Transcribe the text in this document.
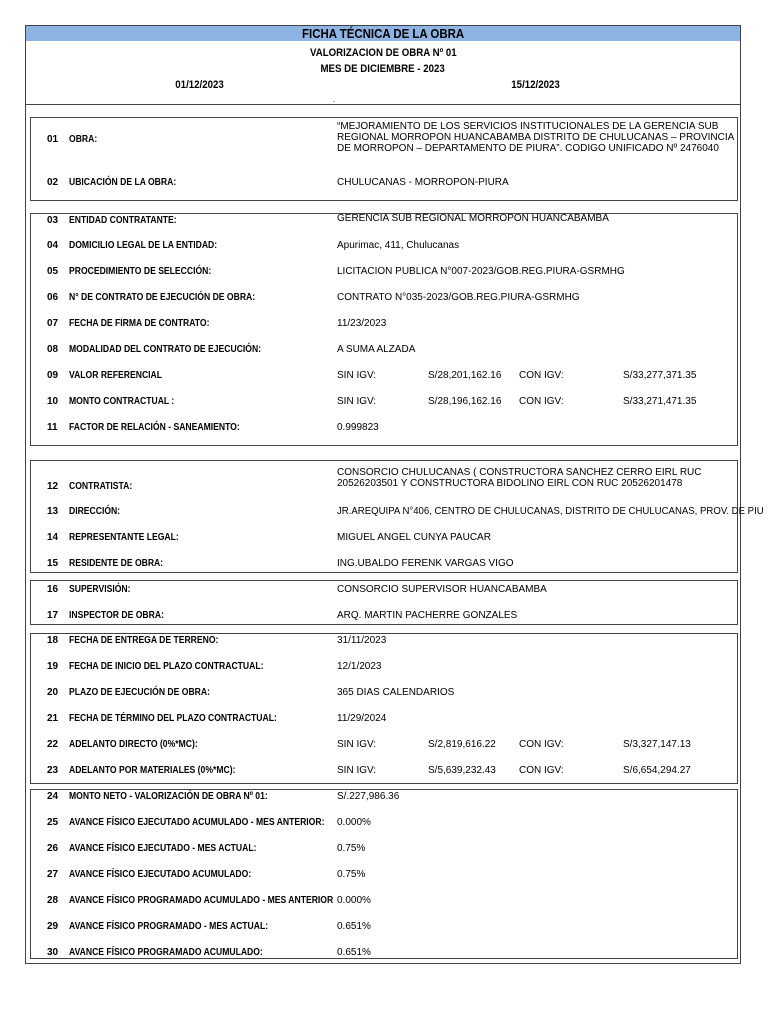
FICHA TÉCNICA DE LA OBRA
VALORIZACION DE OBRA Nº 01
MES DE DICIEMBRE - 2023
01/12/2023	15/12/2023
.
01 OBRA:
“MEJORAMIENTO DE LOS SERVICIOS INSTITUCIONALES DE LA GERENCIA SUB REGIONAL MORROPON HUANCABAMBA DISTRITO DE CHULUCANAS – PROVINCIA DE MORROPON – DEPARTAMENTO DE PIURA”. CODIGO UNIFICADO Nº 2476040
02 UBICACIÓN DE LA OBRA:	CHULUCANAS - MORROPON-PIURA
03 ENTIDAD CONTRATANTE:	GERENCIA SUB REGIONAL MORROPON HUANCABAMBA
04 DOMICILIO LEGAL DE LA ENTIDAD:	Apurimac, 411, Chulucanas
05 PROCEDIMIENTO DE SELECCIÓN:	LICITACION PUBLICA N°007-2023/GOB.REG.PIURA-GSRMHG
06 N° DE CONTRATO DE EJECUCIÓN DE OBRA:	CONTRATO N°035-2023/GOB.REG.PIURA-GSRMHG
07 FECHA DE FIRMA DE CONTRATO:	11/23/2023
08 MODALIDAD DEL CONTRATO DE EJECUCIÓN:	A SUMA ALZADA
09 VALOR REFERENCIAL	SIN IGV:	S/28,201,162.16 CON IGV:	S/33,277,371.35
10 MONTO CONTRACTUAL :	SIN IGV:	S/28,196,162.16 CON IGV:	S/33,271,471.35
11 FACTOR DE RELACIÓN - SANEAMIENTO:	0.999823
12 CONTRATISTA:
CONSORCIO CHULUCANAS ( CONSTRUCTORA SANCHEZ CERRO EIRL RUC 20526203501 Y CONSTRUCTORA BIDOLINO EIRL CON RUC 20526201478
13 DIRECCIÓN:	JR.AREQUIPA N°406, CENTRO DE CHULUCANAS, DISTRITO DE CHULUCANAS, PROV. DE PIU
14 REPRESENTANTE LEGAL:	MIGUEL ANGEL CUNYA PAUCAR
15 RESIDENTE DE OBRA:	ING.UBALDO FERENK VARGAS VIGO
16 SUPERVISIÓN:	CONSORCIO SUPERVISOR HUANCABAMBA
17 INSPECTOR DE OBRA:	ARQ. MARTIN PACHERRE GONZALES
18 FECHA DE ENTREGA DE TERRENO:	31/11/2023
19 FECHA DE INICIO DEL PLAZO CONTRACTUAL:	12/1/2023
20 PLAZO DE EJECUCIÓN DE OBRA:	365 DIAS CALENDARIOS
21 FECHA DE TÉRMINO DEL PLAZO CONTRACTUAL:	11/29/2024
22 ADELANTO DIRECTO (0%*MC):	SIN IGV:	S/2,819,616.22 CON IGV:	S/3,327,147.13
23 ADELANTO POR MATERIALES (0%*MC):	SIN IGV:	S/5,639,232.43 CON IGV:	S/6,654,294.27
24 MONTO NETO - VALORIZACIÓN DE OBRA Nº 01:	S/.227,986.36
25 AVANCE FÍSICO EJECUTADO ACUMULADO - MES ANTERIOR: 0.000%
26 AVANCE FÍSICO EJECUTADO - MES ACTUAL:	0.75%
27 AVANCE FÍSICO EJECUTADO ACUMULADO:	0.75%
28 AVANCE FÍSICO PROGRAMADO ACUMULADO - MES ANTERIOR 0.000%
29 AVANCE FÍSICO PROGRAMADO - MES ACTUAL:	0.651%
30 AVANCE FÍSICO PROGRAMADO ACUMULADO:	0.651%
